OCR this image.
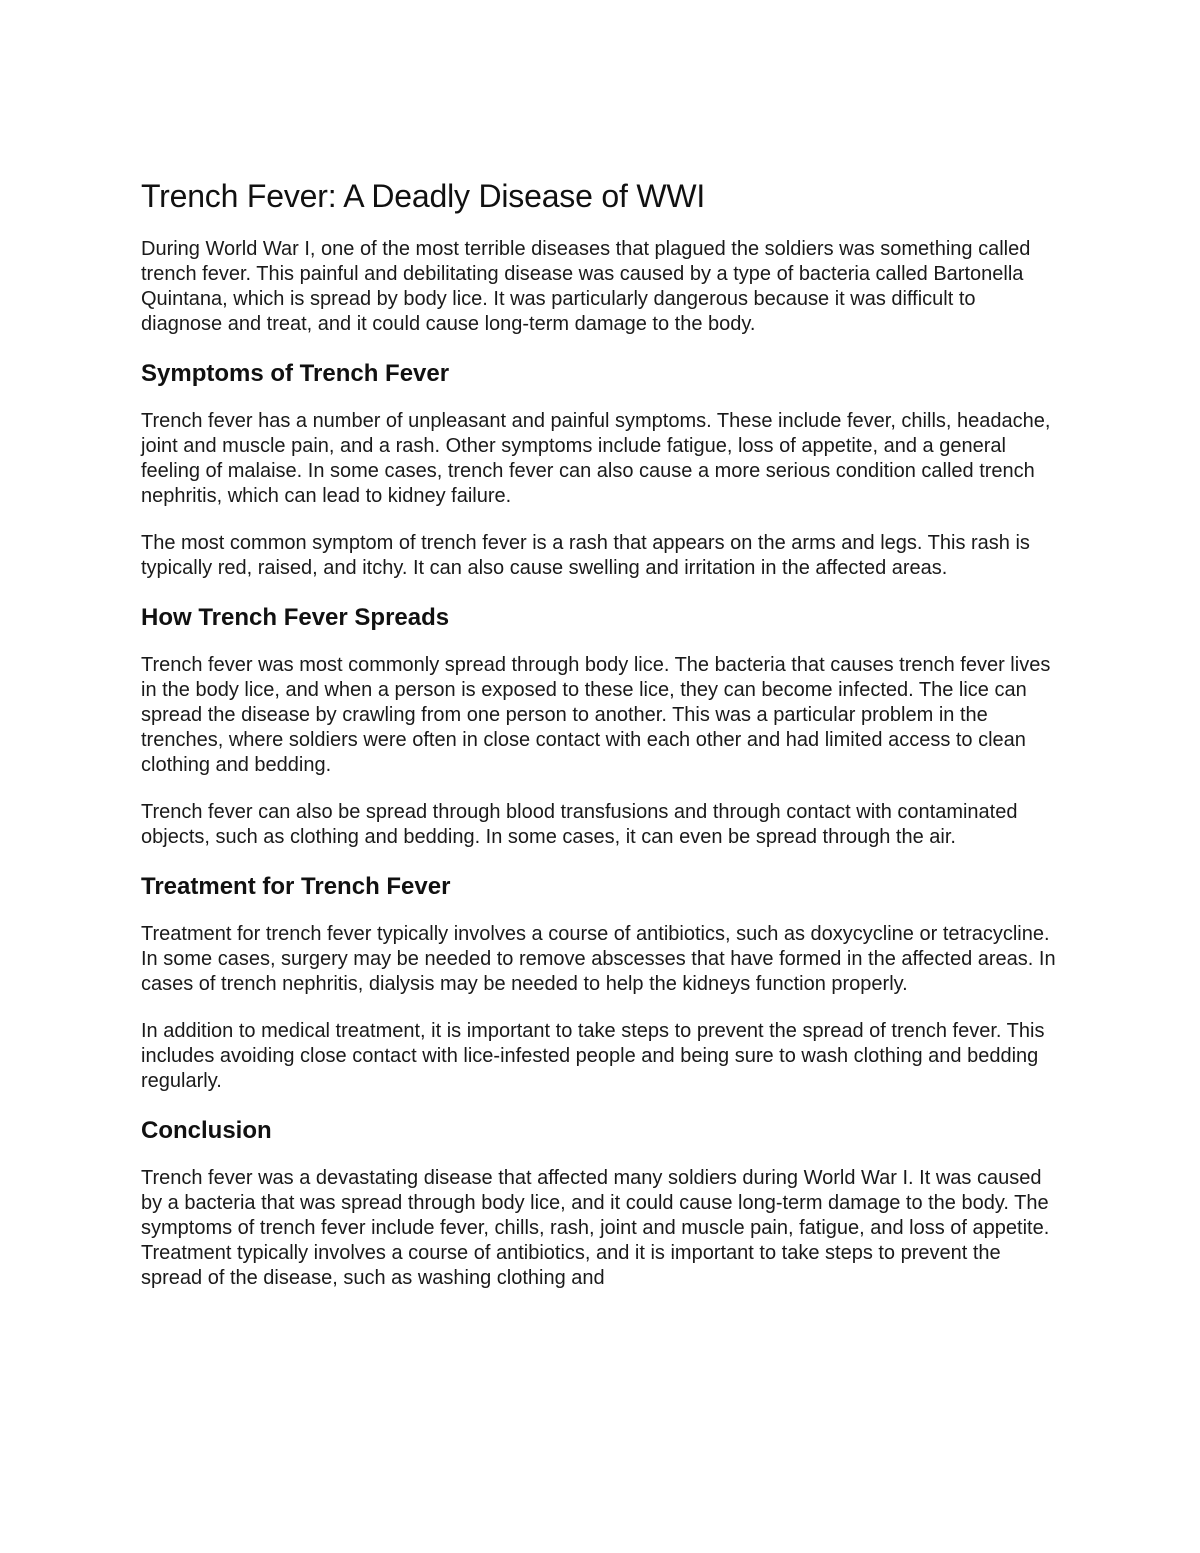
Trench Fever: A Deadly Disease of WWI

During World War I, one of the most terrible diseases that plagued the soldiers was something called trench fever. This painful and debilitating disease was caused by a type of bacteria called Bartonella Quintana, which is spread by body lice. It was particularly dangerous because it was difficult to diagnose and treat, and it could cause long-term damage to the body.

Symptoms of Trench Fever

Trench fever has a number of unpleasant and painful symptoms. These include fever, chills, headache, joint and muscle pain, and a rash. Other symptoms include fatigue, loss of appetite, and a general feeling of malaise. In some cases, trench fever can also cause a more serious condition called trench nephritis, which can lead to kidney failure.

The most common symptom of trench fever is a rash that appears on the arms and legs. This rash is typically red, raised, and itchy. It can also cause swelling and irritation in the affected areas.

How Trench Fever Spreads

Trench fever was most commonly spread through body lice. The bacteria that causes trench fever lives in the body lice, and when a person is exposed to these lice, they can become infected. The lice can spread the disease by crawling from one person to another. This was a particular problem in the trenches, where soldiers were often in close contact with each other and had limited access to clean clothing and bedding.

Trench fever can also be spread through blood transfusions and through contact with contaminated objects, such as clothing and bedding. In some cases, it can even be spread through the air.

Treatment for Trench Fever

Treatment for trench fever typically involves a course of antibiotics, such as doxycycline or tetracycline. In some cases, surgery may be needed to remove abscesses that have formed in the affected areas. In cases of trench nephritis, dialysis may be needed to help the kidneys function properly.

In addition to medical treatment, it is important to take steps to prevent the spread of trench fever. This includes avoiding close contact with lice-infested people and being sure to wash clothing and bedding regularly.

Conclusion

Trench fever was a devastating disease that affected many soldiers during World War I. It was caused by a bacteria that was spread through body lice, and it could cause long-term damage to the body. The symptoms of trench fever include fever, chills, rash, joint and muscle pain, fatigue, and loss of appetite. Treatment typically involves a course of antibiotics, and it is important to take steps to prevent the spread of the disease, such as washing clothing and
